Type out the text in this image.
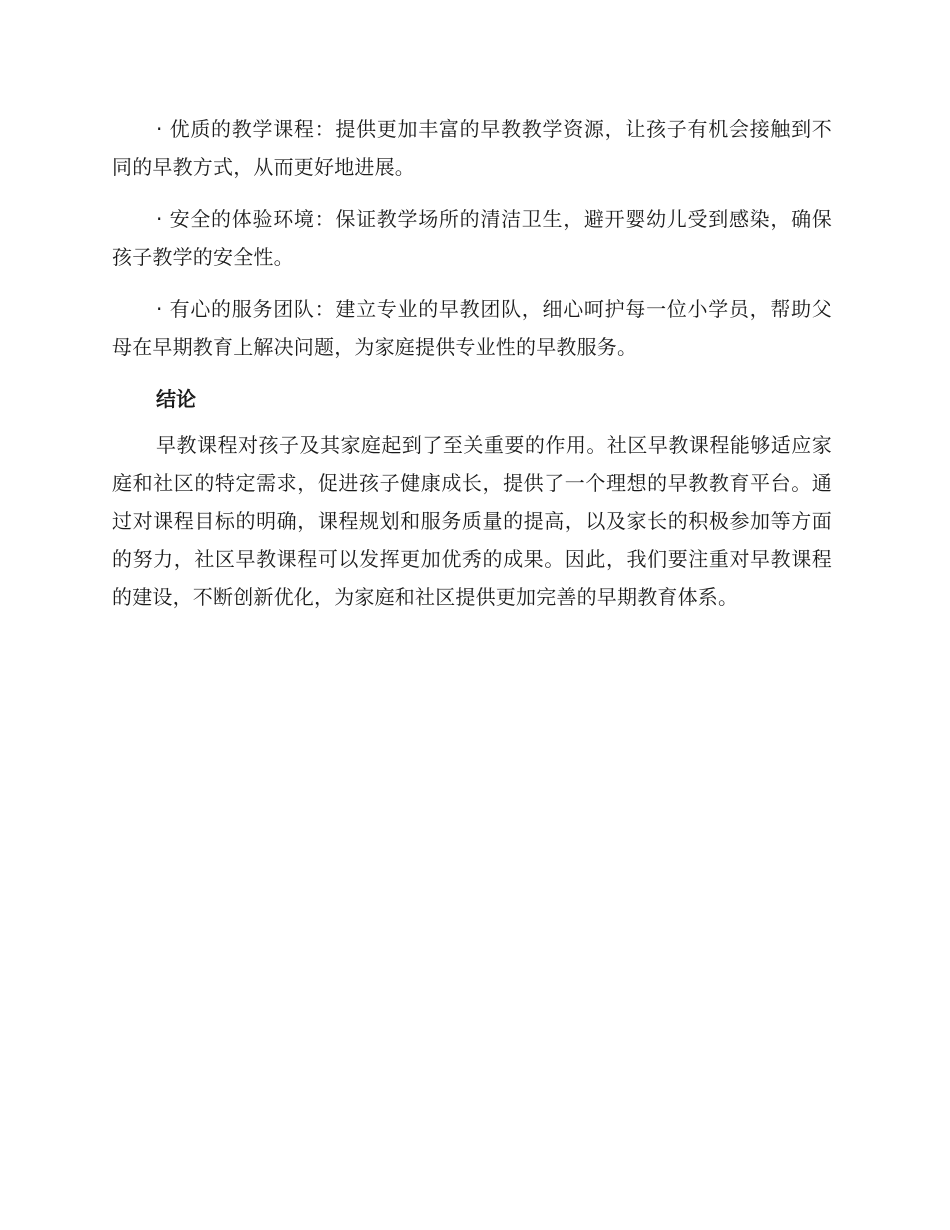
· 优质的教学课程：提供更加丰富的早教教学资源，让孩子有机会接触到不同的早教方式，从而更好地进展。

· 安全的体验环境：保证教学场所的清洁卫生，避开婴幼儿受到感染，确保孩子教学的安全性。

· 有心的服务团队：建立专业的早教团队，细心呵护每一位小学员，帮助父母在早期教育上解决问题，为家庭提供专业性的早教服务。

结论

早教课程对孩子及其家庭起到了至关重要的作用。社区早教课程能够适应家庭和社区的特定需求，促进孩子健康成长，提供了一个理想的早教教育平台。通过对课程目标的明确，课程规划和服务质量的提高，以及家长的积极参加等方面的努力，社区早教课程可以发挥更加优秀的成果。因此，我们要注重对早教课程的建设，不断创新优化，为家庭和社区提供更加完善的早期教育体系。
